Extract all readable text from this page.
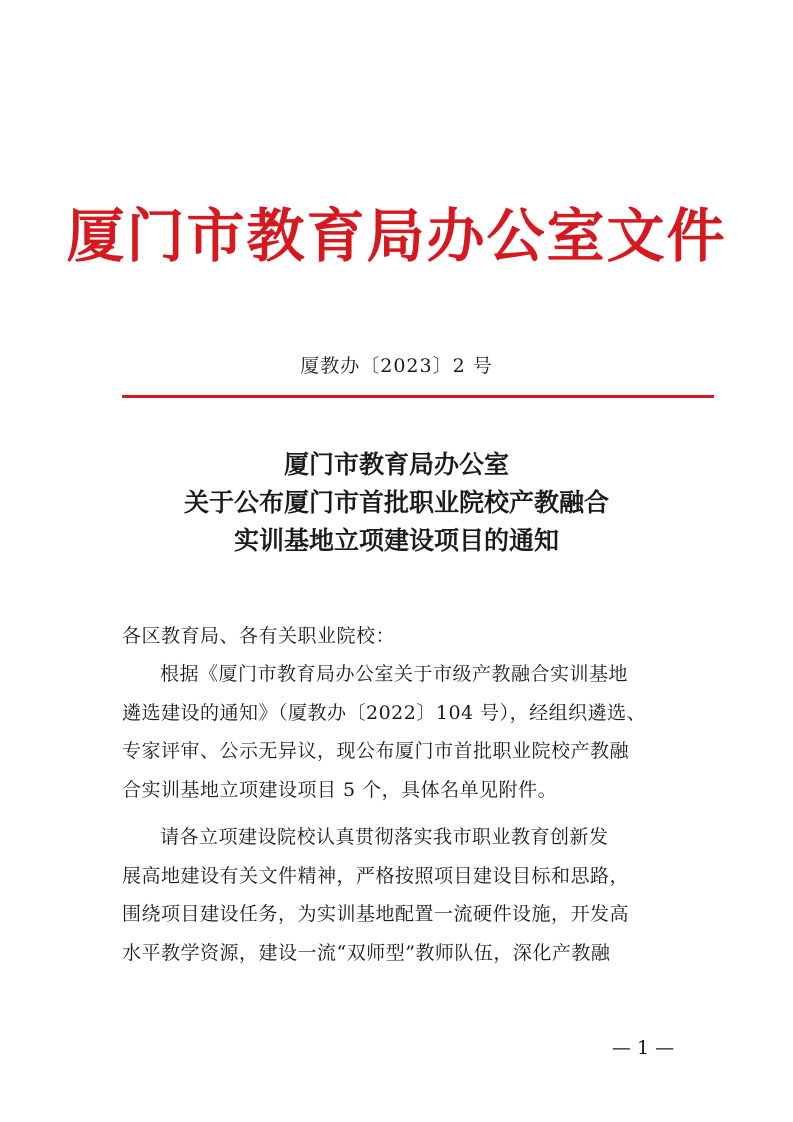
厦门市教育局办公室文件
厦教办〔2023〕2 号
厦门市教育局办公室
关于公布厦门市首批职业院校产教融合
实训基地立项建设项目的通知
各区教育局、各有关职业院校：
根据《厦门市教育局办公室关于市级产教融合实训基地
遴选建设的通知》（厦教办〔2022〕104 号），经组织遴选、
专家评审、公示无异议，现公布厦门市首批职业院校产教融
合实训基地立项建设项目 5 个，具体名单见附件。
请各立项建设院校认真贯彻落实我市职业教育创新发
展高地建设有关文件精神，严格按照项目建设目标和思路，
围绕项目建设任务，为实训基地配置一流硬件设施，开发高
水平教学资源，建设一流“双师型”教师队伍，深化产教融
— 1 —
